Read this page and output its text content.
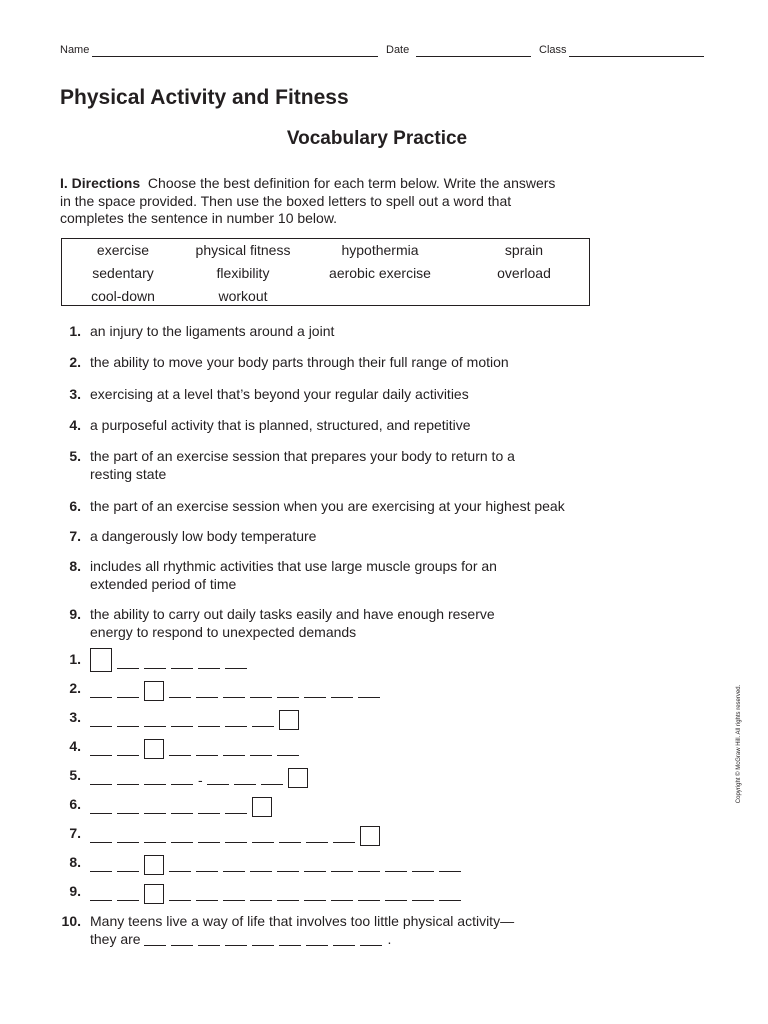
Name	Date	Class
Physical Activity and Fitness
Vocabulary Practice

I. Directions Choose the best definition for each term below. Write the answers in the space provided. Then use the boxed letters to spell out a word that completes the sentence in number 10 below.

exercise	physical fitness	hypothermia	sprain
sedentary	flexibility	aerobic exercise	overload
cool-down	workout
1. an injury to the ligaments around a joint
2. the ability to move your body parts through their full range of motion
3. exercising at a level that’s beyond your regular daily activities
4. a purposeful activity that is planned, structured, and repetitive
5. the part of an exercise session that prepares your body to return to a resting state
6. the part of an exercise session when you are exercising at your highest peak
7. a dangerously low body temperature
8. includes all rhythmic activities that use large muscle groups for an extended period of time
9. the ability to carry out daily tasks easily and have enough reserve energy to respond to unexpected demands
1.
2.
3.
4.
5.	-
6.
7.
8.
9.
10. Many teens live a way of life that involves too little physical activity—
they are	.
Copyright © McGraw Hill. All rights reserved.
